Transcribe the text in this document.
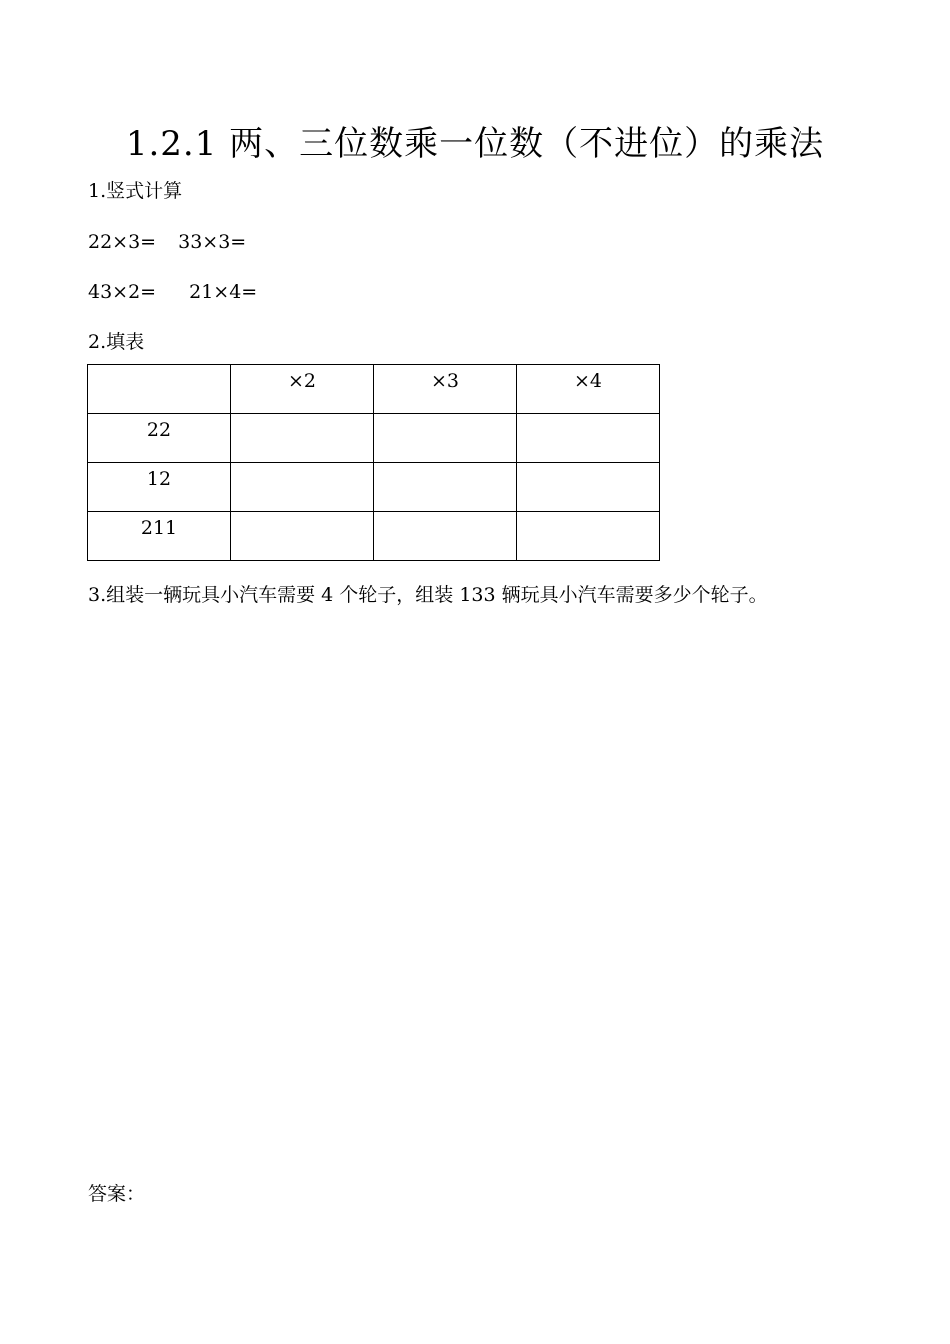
1.2.1 两、三位数乘一位数（不进位）的乘法
1.竖式计算
22×3= 33×3=
43×2= 21×4=
2.填表
	×2	×3	×4
22			
12			
211			
3.组装一辆玩具小汽车需要 4 个轮子，组装 133 辆玩具小汽车需要多少个轮子。
答案：
